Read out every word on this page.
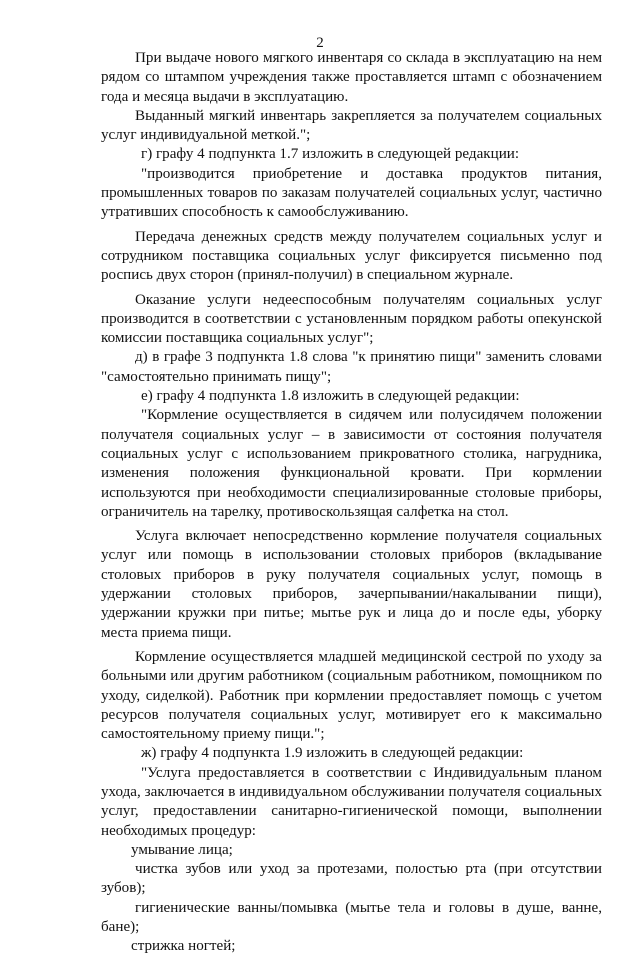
2

При выдаче нового мягкого инвентаря со склада в эксплуатацию на нем рядом со штампом учреждения также проставляется штамп с обозначением года и месяца выдачи в эксплуатацию.

Выданный мягкий инвентарь закрепляется за получателем социальных услуг индивидуальной меткой.";

г) графу 4 подпункта 1.7 изложить в следующей редакции:

"производится приобретение и доставка продуктов питания, промышленных товаров по заказам получателей социальных услуг, частично утративших способность к самообслуживанию.

Передача денежных средств между получателем социальных услуг и сотрудником поставщика социальных услуг фиксируется письменно под роспись двух сторон (принял-получил) в специальном журнале.

Оказание услуги недееспособным получателям социальных услуг производится в соответствии с установленным порядком работы опекунской комиссии поставщика социальных услуг";

д) в графе 3 подпункта 1.8 слова "к принятию пищи" заменить словами "самостоятельно принимать пищу";

е) графу 4 подпункта 1.8 изложить в следующей редакции:

"Кормление осуществляется в сидячем или полусидячем положении получателя социальных услуг – в зависимости от состояния получателя социальных услуг с использованием прикроватного столика, нагрудника, изменения положения функциональной кровати. При кормлении используются при необходимости специализированные столовые приборы, ограничитель на тарелку, противоскользящая салфетка на стол.

Услуга включает непосредственно кормление получателя социальных услуг или помощь в использовании столовых приборов (вкладывание столовых приборов в руку получателя социальных услуг, помощь в удержании столовых приборов, зачерпывании/накалывании пищи), удержании кружки при питье; мытье рук и лица до и после еды, уборку места приема пищи.

Кормление осуществляется младшей медицинской сестрой по уходу за больными или другим работником (социальным работником, помощником по уходу, сиделкой). Работник при кормлении предоставляет помощь с учетом ресурсов получателя социальных услуг, мотивирует его к максимально самостоятельному приему пищи.";

ж) графу 4 подпункта 1.9 изложить в следующей редакции:

"Услуга предоставляется в соответствии с Индивидуальным планом ухода, заключается в индивидуальном обслуживании получателя социальных услуг, предоставлении санитарно-гигиенической помощи, выполнении необходимых процедур:

умывание лица;

чистка зубов или уход за протезами, полостью рта (при отсутствии зубов);

гигиенические ванны/помывка (мытье тела и головы в душе, ванне, бане);

стрижка ногтей;
